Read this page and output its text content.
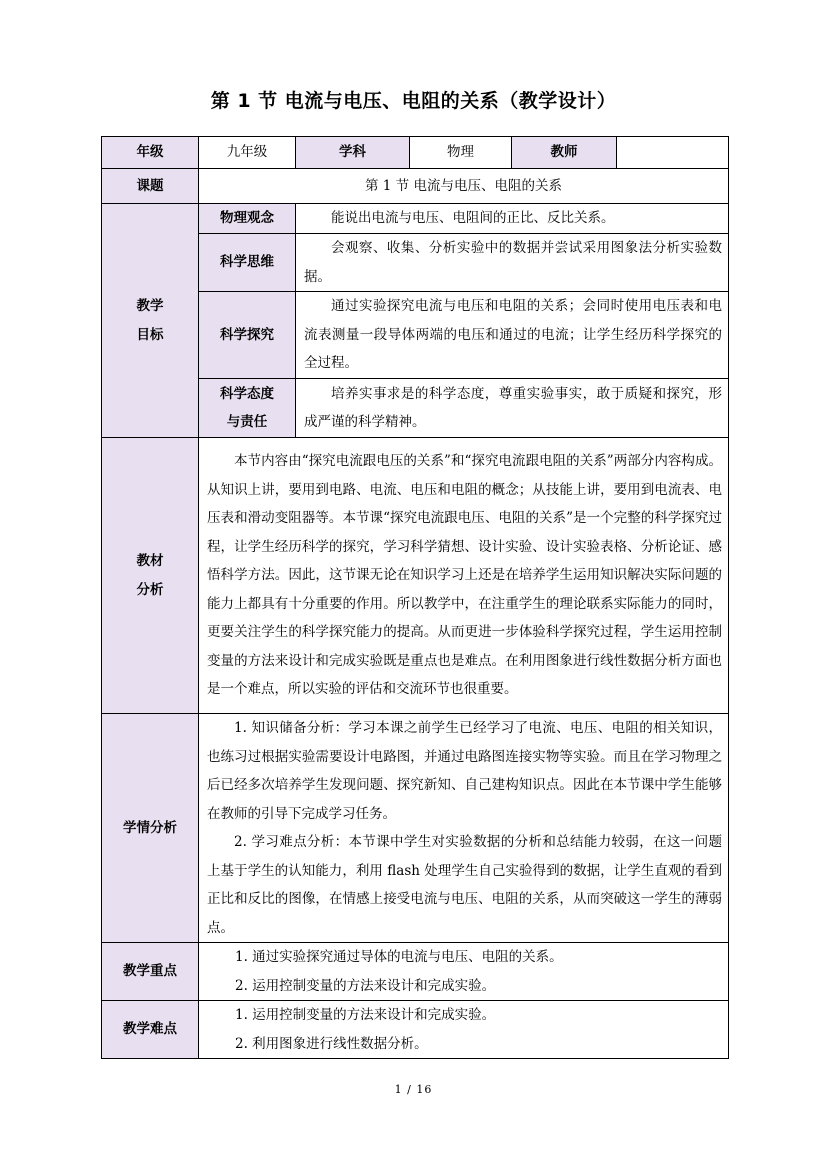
第 1 节 电流与电压、电阻的关系（教学设计）
年级	九年级	学科	物理	教师	
课题	第 1 节 电流与电压、电阻的关系				

教学
目标	物理观念	能说出电流与电压、电阻间的正比、反比关系。			

	科学思维	会观察、收集、分析实验中的数据并尝试采用图象法分析实验数据。			

	科学探究	通过实验探究电流与电压和电阻的关系；会同时使用电压表和电流表测量一段导体两端的电压和通过的电流；让学生经历科学探究的全过程。			

	科学态度
与责任	培养实事求是的科学态度，尊重实验事实，敢于质疑和探究，形成严谨的科学精神。			

教材
分析	本节内容由“探究电流跟电压的关系”和“探究电流跟电阻的关系”两部分内容构成。从知识上讲，要用到电路、电流、电压和电阻的概念；从技能上讲，要用到电流表、电压表和滑动变阻器等。本节课“探究电流跟电压、电阻的关系”是一个完整的科学探究过程，让学生经历科学的探究，学习科学猜想、设计实验、设计实验表格、分析论证、感悟科学方法。因此，这节课无论在知识学习上还是在培养学生运用知识解决实际问题的能力上都具有十分重要的作用。所以教学中，在注重学生的理论联系实际能力的同时，更要关注学生的科学探究能力的提高。从而更进一步体验科学探究过程，学生运用控制变量的方法来设计和完成实验既是重点也是难点。在利用图象进行线性数据分析方面也是一个难点，所以实验的评估和交流环节也很重要。				

学情分析	1. 知识储备分析：学习本课之前学生已经学习了电流、电压、电阻的相关知识，也练习过根据实验需要设计电路图，并通过电路图连接实物等实验。而且在学习物理之后已经多次培养学生发现问题、探究新知、自己建构知识点。因此在本节课中学生能够在教师的引导下完成学习任务。

2. 学习难点分析：本节课中学生对实验数据的分析和总结能力较弱，在这一问题上基于学生的认知能力，利用 flash 处理学生自己实验得到的数据，让学生直观的看到正比和反比的图像，在情感上接受电流与电压、电阻的关系，从而突破这一学生的薄弱点。				

教学重点	1. 通过实验探究通过导体的电流与电压、电阻的关系。

2. 运用控制变量的方法来设计和完成实验。				

教学难点	1. 运用控制变量的方法来设计和完成实验。

2. 利用图象进行线性数据分析。				

1 / 16
